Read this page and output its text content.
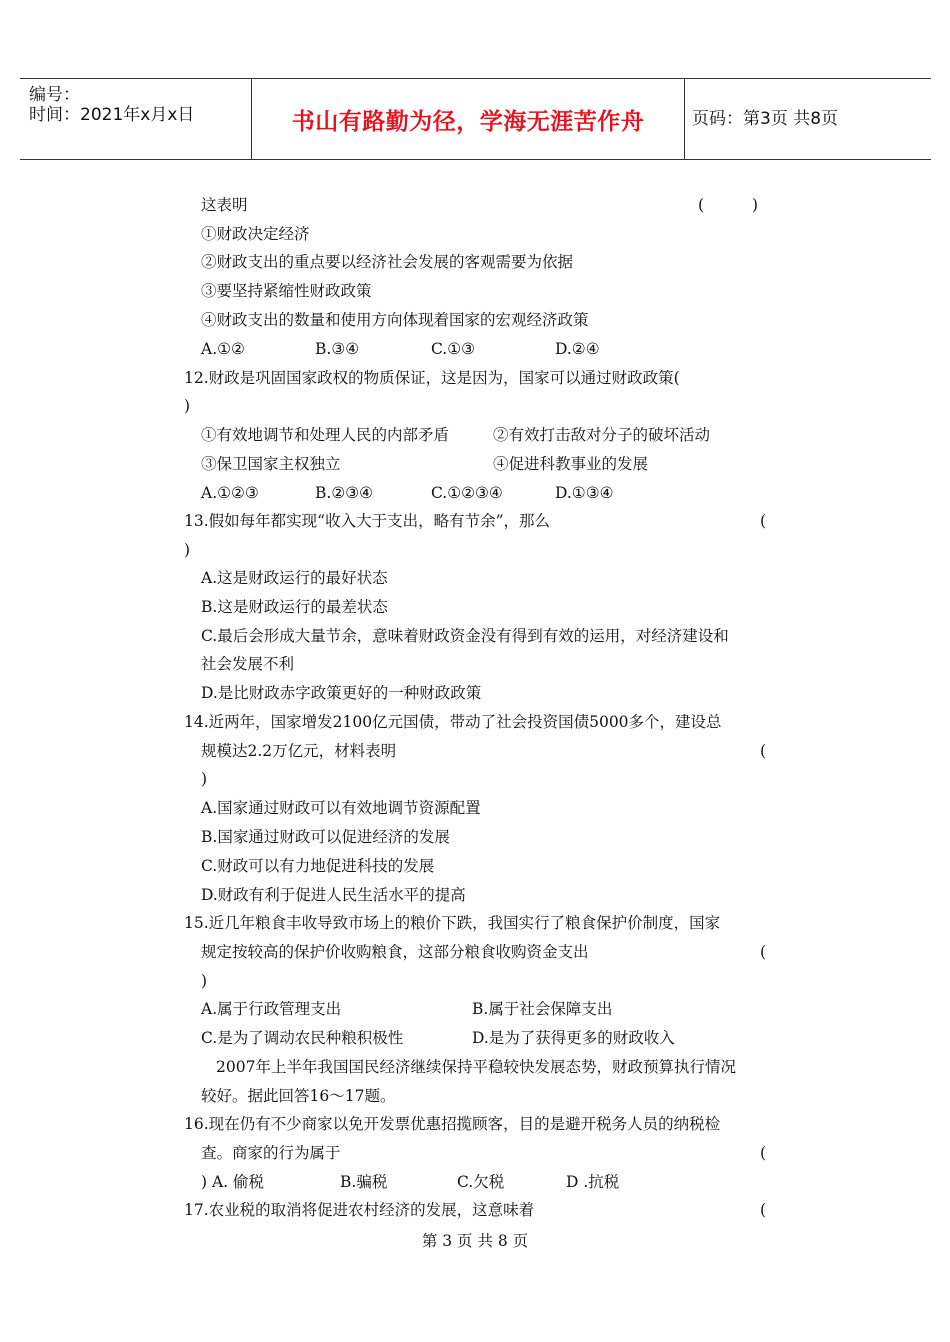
编号：
时间：2021年x月x日	书山有路勤为径，学海无涯苦作舟	页码：第3页 共8页
这表明	(	)
①财政决定经济
②财政支出的重点要以经济社会发展的客观需要为依据
③要坚持紧缩性财政政策
④财政支出的数量和使用方向体现着国家的宏观经济政策
A.①②	B.③④	C.①③	D.②④
12.财政是巩固国家政权的物质保证，这是因为，国家可以通过财政政策(
)
①有效地调节和处理人民的内部矛盾	②有效打击敌对分子的破坏活动
③保卫国家主权独立	④促进科教事业的发展
A.①②③	B.②③④	C.①②③④	D.①③④
13.假如每年都实现“收入大于支出，略有节余”，那么	(
)
A.这是财政运行的最好状态
B.这是财政运行的最差状态
C.最后会形成大量节余，意味着财政资金没有得到有效的运用，对经济建设和
社会发展不利
D.是比财政赤字政策更好的一种财政政策
14.近两年，国家增发2100亿元国债，带动了社会投资国债5000多个，建设总
规模达2.2万亿元，材料表明	(
)
A.国家通过财政可以有效地调节资源配置
B.国家通过财政可以促进经济的发展
C.财政可以有力地促进科技的发展
D.财政有利于促进人民生活水平的提高
15.近几年粮食丰收导致市场上的粮价下跌，我国实行了粮食保护价制度，国家
规定按较高的保护价收购粮食，这部分粮食收购资金支出	(
)
A.属于行政管理支出	B.属于社会保障支出
C.是为了调动农民种粮积极性	D.是为了获得更多的财政收入
2007年上半年我国国民经济继续保持平稳较快发展态势，财政预算执行情况
较好。据此回答16～17题。
16.现在仍有不少商家以免开发票优惠招揽顾客，目的是避开税务人员的纳税检
查。商家的行为属于	(
) A. 偷税	B.骗税	C.欠税	D .抗税
17.农业税的取消将促进农村经济的发展，这意味着	(
第 3 页 共 8 页
